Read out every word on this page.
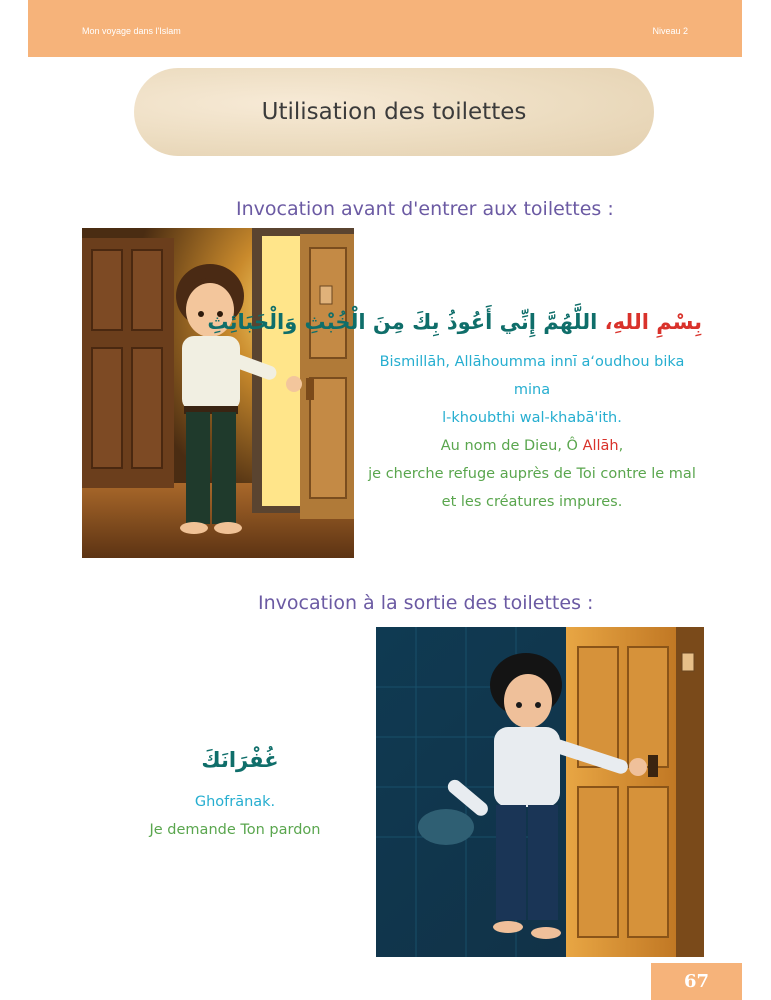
Mon voyage dans l'Islam	Niveau 2
Utilisation des toilettes
Invocation avant d'entrer aux toilettes :
بِسْمِ اللهِ، اللَّهُمَّ إِنِّي أَعُوذُ بِكَ مِنَ الْخُبْثِ وَالْخَبَائِثِ
Bismillāh, Allāhoumma innī a‘oudhou bika mina
l-khoubthi wal-khabā'ith.
Au nom de Dieu, Ô Allāh,
je cherche refuge auprès de Toi contre le mal
et les créatures impures.
Invocation à la sortie des toilettes :
غُفْرَانَكَ
Ghofrānak.
Je demande Ton pardon
67
